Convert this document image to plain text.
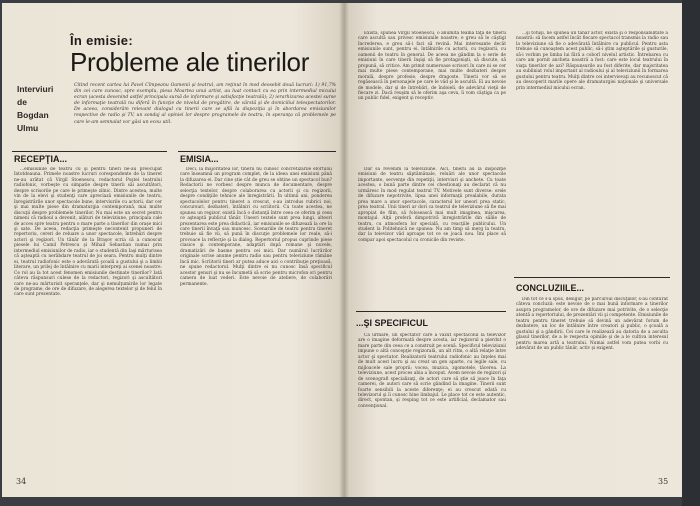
În emisie:
Probleme ale tinerilor
Interviuri
de
Bogdan
Ulmu
Citind recent cartea lui Pavel Cîmpeanu Oamenii şi teatrul, am reţinut în mod deosebit două lucruri: 1) 91,7% din cei care cunosc, spre exemplu, piesa Moartea unui artist, au luat contact cu ea prin intermediul micului ecran (acesta devenind astfel principala sursă de informare şi satisfacţie teatrală); 2) ierarhizarea acestei surse de informaţie teatrală nu diferă în funcţie de nivelul de pregătire, de vârstă şi de domiciliul telespectatorilor. De aceea, considerăm relevant dialogul cu tinerii care se află la dispoziţia şi în abordarea emisiunilor respective de radio şi TV, un sondaj al opiniei lor despre programele de teatru, în speranţa că problemele pe care le-am semnalat vor găsi un ecou util.
RECEPŢIA...

...emisiunile de teatru cu şi pentru tineri ne-au preocupat întotdeauna. Primele noastre lucruri corespondente de la tineret ne-au arătat că Virgil Stoenescu, redactorul Poştei teatrului radiofonic, vorbeşte cu simpatie despre tinerii săi ascultători, despre scrisorile pe care le primeşte zilnic. Dintre acestea, multe vin de la elevi şi studenţi care apreciază emisiunile de teatru, înregistrările unor spectacole bune, interviurile cu actorii, dar cer şi mai multe piese din dramaturgia contemporană, mai multe discuţii despre problemele tinerilor. Nu mai este un secret pentru nimeni că radioul a devenit, alături de televiziune, principala cale de acces spre teatru pentru o mare parte a tinerilor din oraşe mici şi sate. De aceea, redacţia primeşte necontenit propuneri de repertoriu, cereri de reluare a unor spectacole, întrebări despre actori şi regizori. Un tânăr de la Braşov scria că a cunoscut piesele lui Camil Petrescu şi Mihail Sebastian numai prin intermediul emisiunilor de radio, iar o studentă din Iaşi mărturisea că aşteaptă cu nerăbdare teatrul de joi seara. Pentru mulţi dintre ei, teatrul radiofonic este o adevărată şcoală a gustului şi a limbii literare, un prilej de întâlnire cu marii interpreţi ai scenei noastre. Ce rol au la tot acest fenomen emisiunile destinate tinerilor? Iată câteva răspunsuri culese de la redactori, regizori şi ascultători care ne-au mărturisit speranţele, dar şi nemulţumirile lor legate de programe, de ore de difuzare, de alegerea textelor şi de felul în care sunt prezentate.

EMISIA...

Deci, la majoritatea lor, tinerii nu cunosc concretizările efortului care înseamnă un program complet, de la ideea unei emisiuni până la difuzarea ei. Dar cine știe cât de greu se obține un spectacol bun? Redactorii ne vorbesc despre munca de documentare, despre selecţia textelor, despre colaborarea cu actorii şi cu regizorii, despre condiţiile tehnice ale înregistrării. În ultimii ani, ponderea spectacolelor pentru tineret a crescut, s-au introdus rubrici noi, concursuri, dezbateri, întâlniri cu scriitorii. Cu toate acestea, ne spunea un regizor, există încă o distanţă între ceea ce oferim şi ceea ce aşteaptă publicul tânăr. Uneori textele sunt prea lungi, alteori prezentarea este prea didactică, iar emisiunile se difuzează la ore la care tinerii învaţă sau muncesc. Scenariile de teatru pentru tineret trebuie să fie vii, să pună în discuţie problemele lor reale, să-i provoace la reflecţie şi la dialog. Repertoriul propus cuprinde piese clasice şi contemporane, adaptări după romane şi nuvele, dramatizări de basme pentru cei mici. Dar numărul lucrărilor originale scrise anume pentru radio sau pentru televiziune rămâne încă mic. Scriitorii tineri ar putea aduce aici o contribuţie preţioasă, ne spune redactorul. Mulţi dintre ei nu cunosc însă specificul acestor genuri şi nu se încumetă să scrie pentru microfon ori pentru camera de luat vederi. Este nevoie de ateliere, de colaborări permanente.

34

Există, spunea Virgil Stoenescu, o anumită teamă faţă de tinerii care ascultă sau privesc emisiunile noastre; e greu să le câştigi încrederea, e greu să-i faci să revină. Mai interesante decât emisiunile sunt, pentru ei, întâlnirile cu actorii, cu regizorii, cu oamenii de teatru în general. De aceea ne gândim la o serie de emisiuni în care tinerii înşişi să fie protagonişti, să discute, să propună, să critice. Am primit numeroase scrisori în care ni se cer mai multe piese contemporane, mai multe dezbateri despre morală, despre profesie, despre dragoste. Tinerii vor să se regăsească în personajele pe care le văd şi le ascultă. Ei au nevoie de modele, dar şi de întrebări, de îndoieli, de adevărul vieţii de fiecare zi. Dacă reuşim să le oferim aşa ceva, îi vom câştiga ca pe un public fidel, exigent şi receptiv.

Dar să revenim la televiziune. Aici, tinerii au la dispoziţie emisiuni de teatru săptămânale, reluări ale unor spectacole importante, secvenţe din repetiţii, interviuri şi anchete. Cu toate acestea, o bună parte dintre cei chestionaţi au declarat că nu urmăresc în mod regulat teatrul TV. Motivele sunt diverse: orele de difuzare nepotrivite, lipsa unei informaţii prealabile, durata prea mare a unor spectacole, caracterul lor uneori prea static, prea teatral. Unii tineri ar dori ca teatrul de televiziune să fie mai apropiat de film, să folosească mai mult imaginea, mişcarea, montajul. Alţii preferă dimpotrivă înregistrările din sălile de teatru, cu atmosfera lor specială, cu reacţiile publicului. Un student la Politehnică ne spunea: Nu am timp să merg la teatru, dar la televizor văd aproape tot ce se joacă nou. Îmi place să compar apoi spectacolul cu cronicile din reviste.

...ŞI SPECIFICUL

Ca urmare, un spectator care a văzut spectacolul la televizor are o imagine deformată despre acesta, iar regizorul a pierdut o mare parte din ceea ce a construit pe scenă. Specificul televiziunii impune o altă concepţie regizorală, un alt ritm, o altă relaţie între actor şi spectator. Realizatorii teatrului radiofonic au înţeles mai de mult acest lucru şi au creat un gen aparte, cu legile sale, cu mijloacele sale proprii: vocea, muzica, zgomotele, tăcerea. La televiziune, acest proces abia a început. Avem nevoie de regizori şi de scenografi specializaţi, de actori care să ştie să joace în faţa camerei, de autori care să scrie gândind la imagine. Tinerii sunt foarte sensibili la aceste diferenţe; ei au crescut odată cu televizorul şi îi cunosc bine limbajul. Le place tot ce este autentic, direct, spontan, şi resping tot ce este artificial, declamator sau convenţional.

...şi totuşi, ne spunea un tânăr actor, există şi o responsabilitate a noastră: să facem astfel încât fiecare spectacol transmis la radio sau la televiziune să fie o adevărată întâlnire cu publicul. Pentru asta trebuie să cunoaştem acest public, să-i ştim aşteptările şi gusturile, să-i vorbim pe limba lui fără a coborî nivelul artistic. Întrebarea cu care am pornit ancheta noastră a fost: care este locul teatrului în viaţa tinerilor de azi? Răspunsurile au fost diferite, dar majoritatea au subliniat rolul important al radioului şi al televiziunii în formarea gustului pentru teatru. Mulţi dintre cei intervievaţi au recunoscut că au descoperit marile opere ale dramaturgiei naţionale şi universale prin intermediul micului ecran.

CONCLUZIILE...

Din tot ce s-a spus, desigur, pe parcursul discuţiilor, s-au conturat câteva concluzii: este nevoie de o mai bună informare a tinerilor asupra programelor, de ore de difuzare mai potrivite, de o selecţie atentă a repertoriului, de prezentări vii şi competente. Emisiunile de teatru pentru tineret trebuie să devină un adevărat forum de dezbatere, un loc de întâlnire între creatori şi public, o şcoală a gustului şi a gândirii. Cei care le realizează au datoria de a asculta glasul tinerilor, de a le respecta opiniile şi de a le cultiva interesul pentru marea artă a teatrului. Numai astfel vom putea vorbi cu adevărat de un public tânăr, activ şi exigent.

35
